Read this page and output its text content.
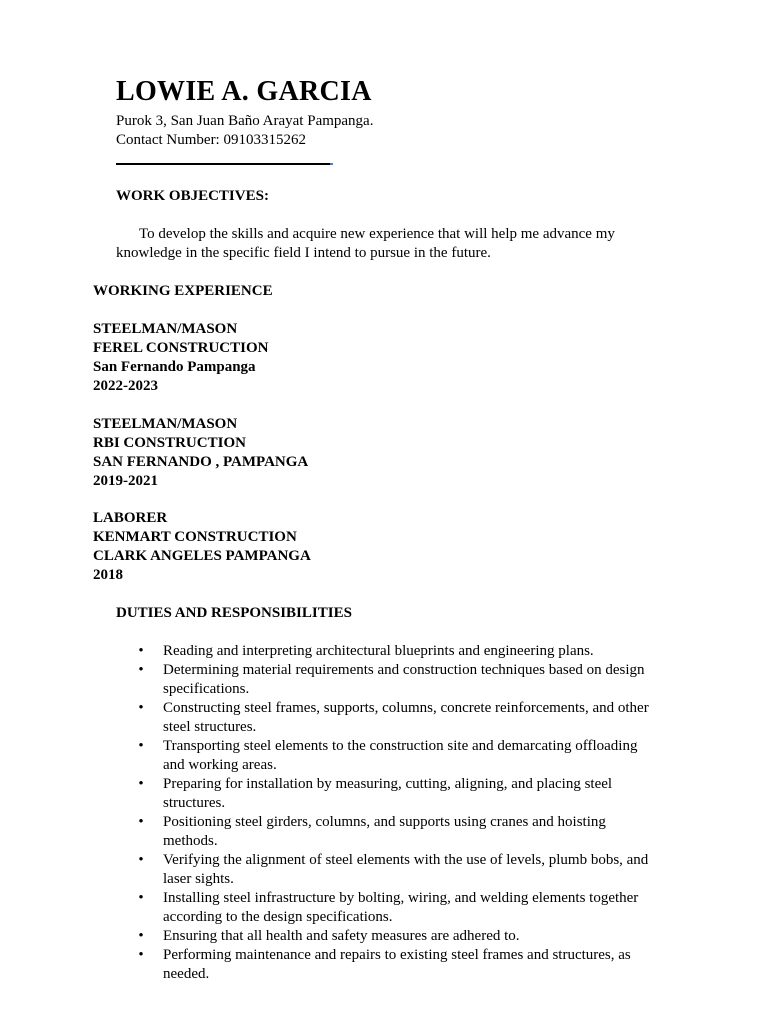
LOWIE A. GARCIA
Purok 3, San Juan Baño Arayat Pampanga.
Contact Number: 09103315262
WORK OBJECTIVES:
To develop the skills and acquire new experience that will help me advance my knowledge in the specific field I intend to pursue in the future.
WORKING EXPERIENCE
STEELMAN/MASON
FEREL CONSTRUCTION
San Fernando Pampanga
2022-2023
STEELMAN/MASON
RBI CONSTRUCTION
SAN FERNANDO , PAMPANGA
2019-2021
LABORER
KENMART CONSTRUCTION
CLARK ANGELES PAMPANGA
2018
DUTIES AND RESPONSIBILITIES
• Reading and interpreting architectural blueprints and engineering plans.
• Determining material requirements and construction techniques based on design specifications.
• Constructing steel frames, supports, columns, concrete reinforcements, and other steel structures.
• Transporting steel elements to the construction site and demarcating offloading and working areas.
• Preparing for installation by measuring, cutting, aligning, and placing steel structures.
• Positioning steel girders, columns, and supports using cranes and hoisting methods.
• Verifying the alignment of steel elements with the use of levels, plumb bobs, and laser sights.
• Installing steel infrastructure by bolting, wiring, and welding elements together according to the design specifications.
• Ensuring that all health and safety measures are adhered to.
• Performing maintenance and repairs to existing steel frames and structures, as needed.
